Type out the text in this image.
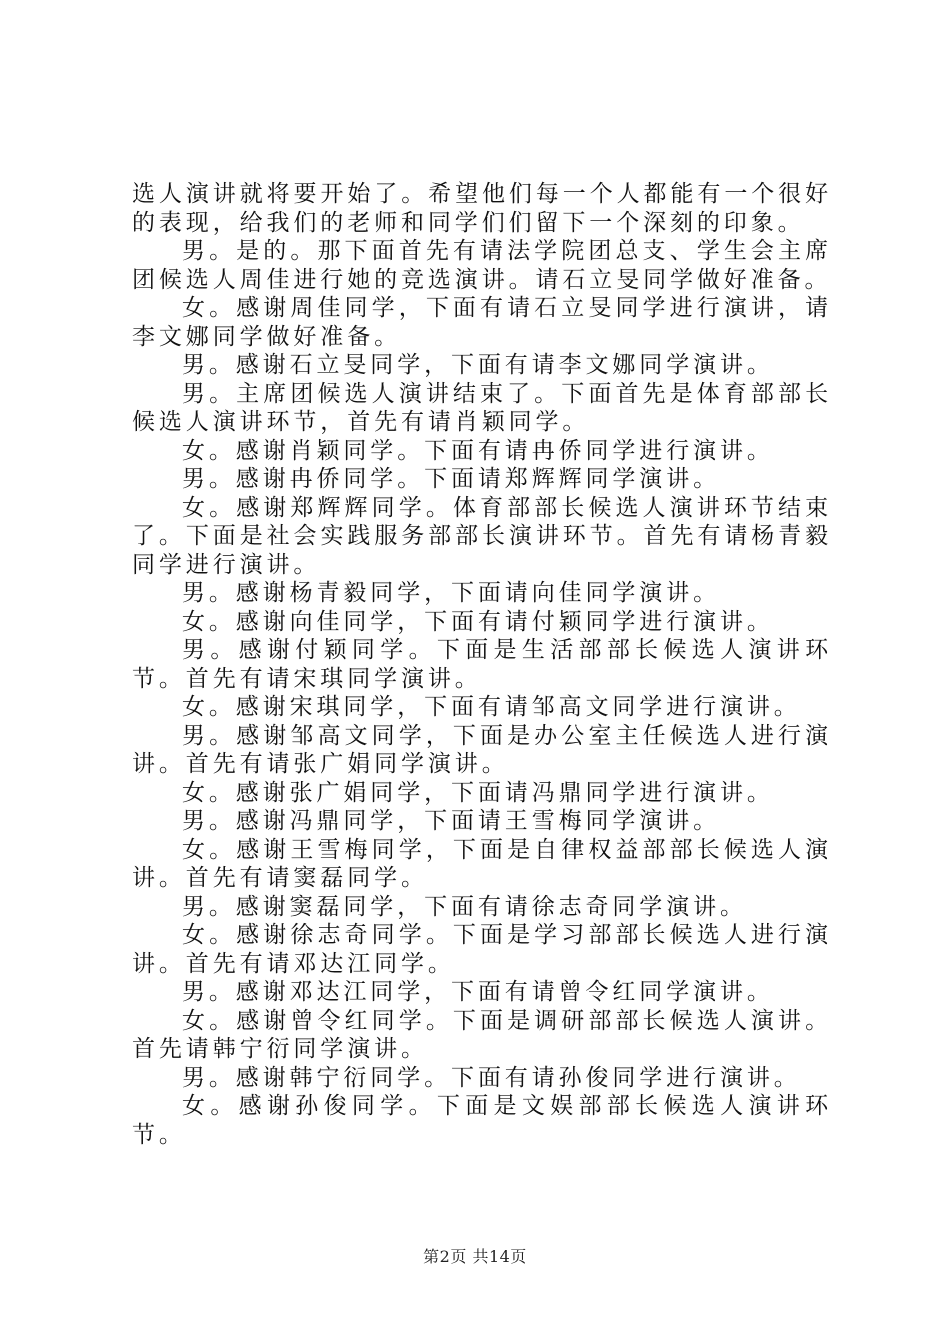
选人演讲就将要开始了。希望他们每一个人都能有一个很好的表现，给我们的老师和同学们们留下一个深刻的印象。

男。是的。那下面首先有请法学院团总支、学生会主席团候选人周佳进行她的竞选演讲。请石立旻同学做好准备。

女。感谢周佳同学，下面有请石立旻同学进行演讲，请李文娜同学做好准备。

男。感谢石立旻同学，下面有请李文娜同学演讲。

男。主席团候选人演讲结束了。下面首先是体育部部长候选人演讲环节，首先有请肖颖同学。

女。感谢肖颖同学。下面有请冉侨同学进行演讲。

男。感谢冉侨同学。下面请郑辉辉同学演讲。

女。感谢郑辉辉同学。体育部部长候选人演讲环节结束了。下面是社会实践服务部部长演讲环节。首先有请杨青毅同学进行演讲。

男。感谢杨青毅同学，下面请向佳同学演讲。

女。感谢向佳同学，下面有请付颖同学进行演讲。

男。感谢付颖同学。下面是生活部部长候选人演讲环节。首先有请宋琪同学演讲。

女。感谢宋琪同学，下面有请邹高文同学进行演讲。

男。感谢邹高文同学，下面是办公室主任候选人进行演讲。首先有请张广娟同学演讲。

女。感谢张广娟同学，下面请冯鼎同学进行演讲。

男。感谢冯鼎同学，下面请王雪梅同学演讲。

女。感谢王雪梅同学，下面是自律权益部部长候选人演讲。首先有请窦磊同学。

男。感谢窦磊同学，下面有请徐志奇同学演讲。

女。感谢徐志奇同学。下面是学习部部长候选人进行演讲。首先有请邓达江同学。

男。感谢邓达江同学，下面有请曾令红同学演讲。

女。感谢曾令红同学。下面是调研部部长候选人演讲。首先请韩宁衍同学演讲。

男。感谢韩宁衍同学。下面有请孙俊同学进行演讲。

女。感谢孙俊同学。下面是文娱部部长候选人演讲环节。

第2页 共14页
